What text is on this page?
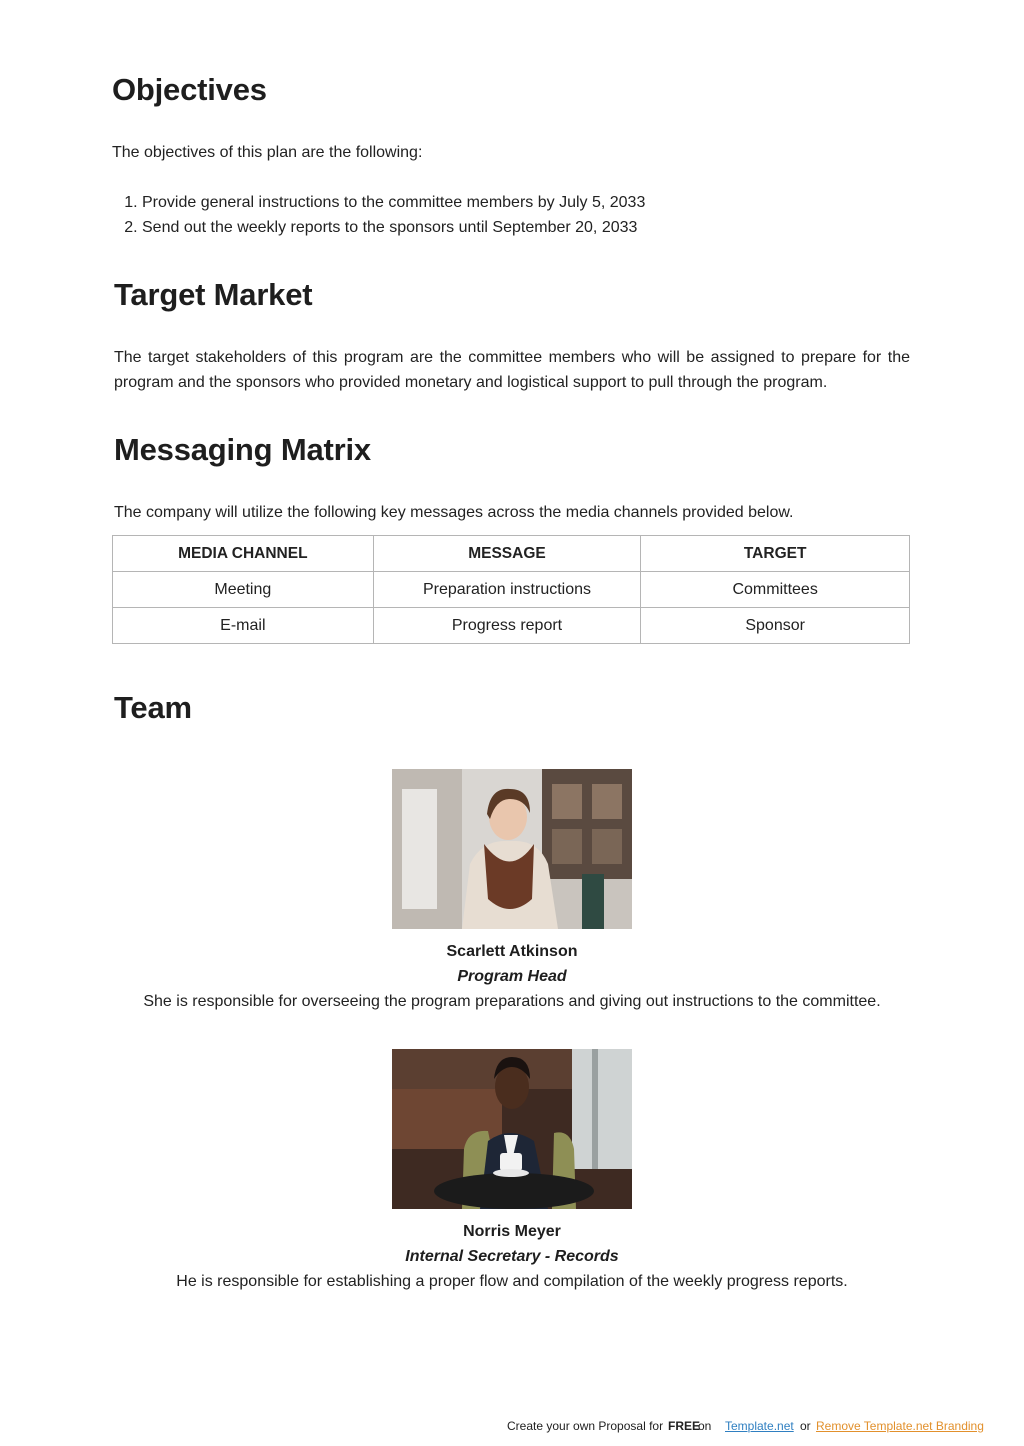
Objectives

The objectives of this plan are the following:

1. Provide general instructions to the committee members by July 5, 2033
2. Send out the weekly reports to the sponsors until September 20, 2033
Target Market

The target stakeholders of this program are the committee members who will be assigned to prepare for the program and the sponsors who provided monetary and logistical support to pull through the program.

Messaging Matrix

The company will utilize the following key messages across the media channels provided below.

MEDIA CHANNEL	MESSAGE	TARGET
Meeting	Preparation instructions	Committees
E-mail	Progress report	Sponsor
Team

Scarlett Atkinson

Program Head

She is responsible for overseeing the program preparations and giving out instructions to the committee.

Norris Meyer

Internal Secretary - Records

He is responsible for establishing a proper flow and compilation of the weekly progress reports.

Create your own Proposal for FREE
on Template.net or Remove Template.net Branding
